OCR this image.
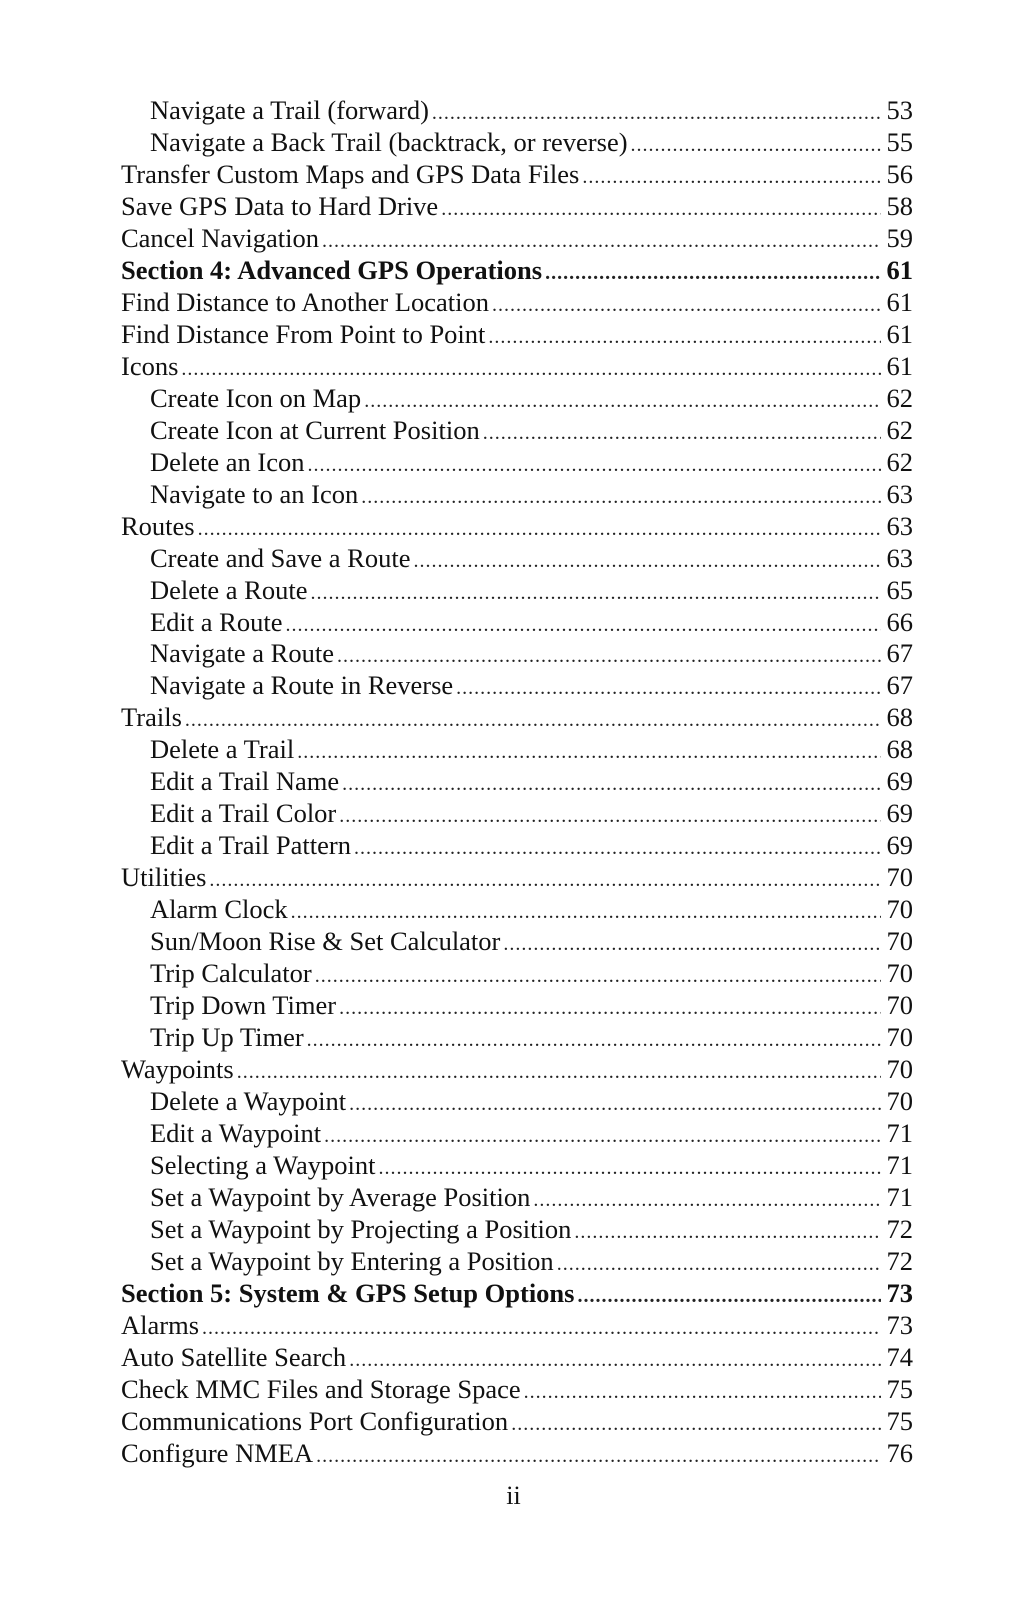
Navigate a Trail (forward) .....	53
Navigate a Back Trail (backtrack, or reverse) .....	55
Transfer Custom Maps and GPS Data Files .....	56
Save GPS Data to Hard Drive .....	58
Cancel Navigation .....	59
Section 4: Advanced GPS Operations .....	61
Find Distance to Another Location .....	61
Find Distance From Point to Point .....	61
Icons .....	61
Create Icon on Map .....	62
Create Icon at Current Position .....	62
Delete an Icon .....	62
Navigate to an Icon .....	63
Routes .....	63
Create and Save a Route .....	63
Delete a Route .....	65
Edit a Route .....	66
Navigate a Route .....	67
Navigate a Route in Reverse .....	67
Trails .....	68
Delete a Trail .....	68
Edit a Trail Name .....	69
Edit a Trail Color .....	69
Edit a Trail Pattern .....	69
Utilities .....	70
Alarm Clock .....	70
Sun/Moon Rise & Set Calculator .....	70
Trip Calculator .....	70
Trip Down Timer .....	70
Trip Up Timer .....	70
Waypoints .....	70
Delete a Waypoint .....	70
Edit a Waypoint .....	71
Selecting a Waypoint .....	71
Set a Waypoint by Average Position .....	71
Set a Waypoint by Projecting a Position .....	72
Set a Waypoint by Entering a Position .....	72
Section 5: System & GPS Setup Options .....	73
Alarms .....	73
Auto Satellite Search .....	74
Check MMC Files and Storage Space .....	75
Communications Port Configuration .....	75
Configure NMEA .....	76
ii
